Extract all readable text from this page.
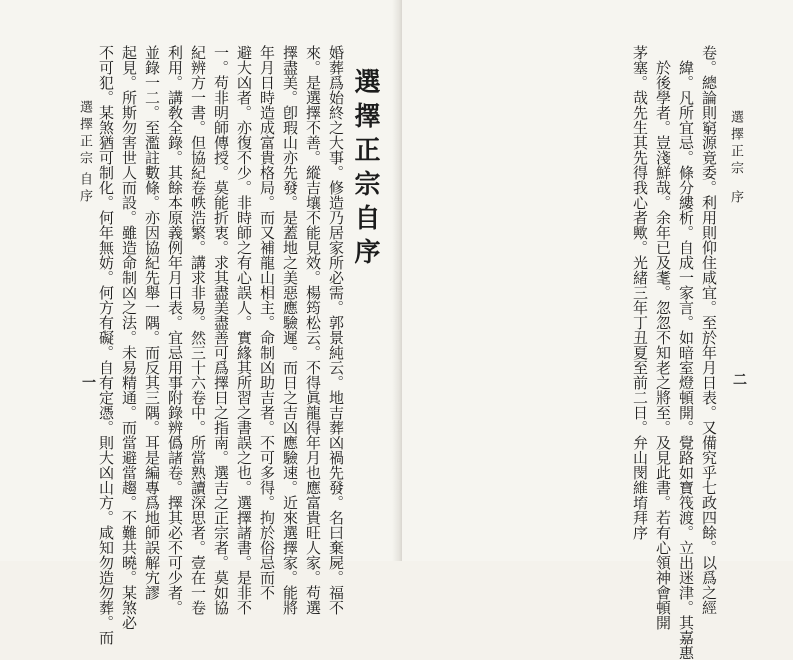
選擇正宗
自序
一 不可犯。某煞猶可制化。何年無妨。何方有礙。自有定憑。則大凶山方。咸知勿造勿葬。而 起見。所斯勿害世人而設。雖造命制凶之法。未易精通。而當避當趨。不難共曉。某煞必 並錄一二。至濫註數條。亦因協紀先舉一隅。而反其三隅。耳是編專爲地師誤解宄謬 利用。講敎全錄。其餘本原義例年月日表。宜忌用事附錄辨僞諸卷。擇其必不可少者。 紀辨方一書。但協紀卷帙浩繁。講求非易。然三十六卷中。所當熟讀深思者。壹在一卷 一。苟非明師傳授。莫能折衷。求其盡美盡善可爲擇日之指南。選吉之正宗者。莫如協 避大凶者。亦復不少。非時師之有心誤人。實緣其所習之書誤之也。選擇諸書。是非不 年月日時造成富貴格局。而又補龍山相主。命制凶助吉者。不可多得。拘於俗忌而不 擇盡美。卽瑕山亦先發。是蓋地之美惡應驗遲。而日之吉凶應驗速。近來選擇家。能將 來。是選擇不善。縱吉壤不能見效。楊筠松云。不得眞龍得年月也應富貴旺人家。苟選 婚葬爲始終之大事。修造乃居家所必需。郭景純云。地吉葬凶禍先發。名曰棄屍。福不 選擇正宗自序	茅塞。哉先生其先得我心者歟。光緒三年丁丑夏至前二日。弁山閔維堉拜序 於後學者。豈淺鮮哉。余年已及耄。忽忽不知老之將至。及見此書。若有心領神會頓開 緯。凡所宜忌。條分縷析。自成一家言。如暗室燈頓開。覺路如寶筏渡。立出迷津。其嘉惠 卷。總論則窮源竟委。利用則仰住咸宜。至於年月日表。又備究乎七政四餘。以爲之經 選擇正宗
序
二
